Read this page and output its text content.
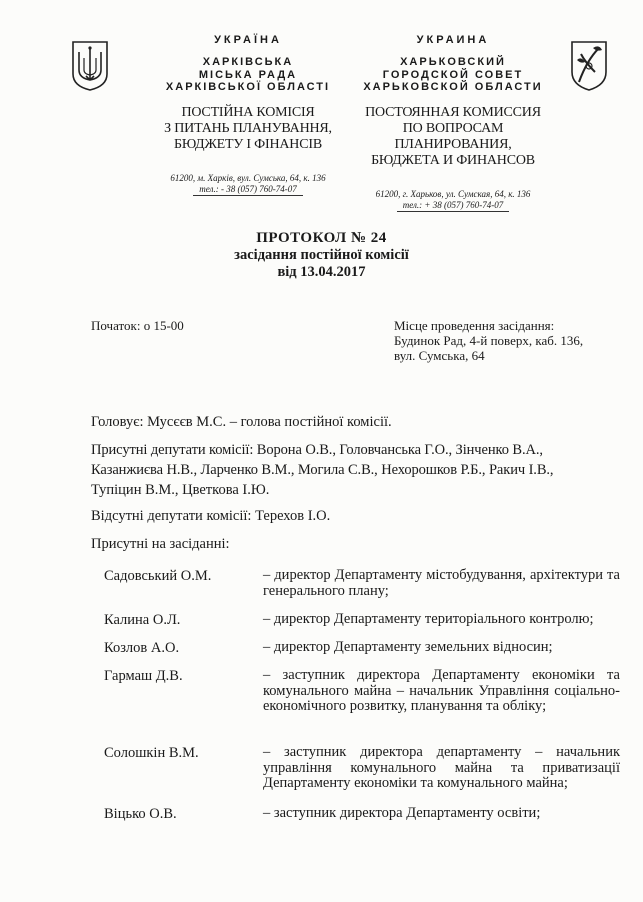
УКРАЇНА
ХАРКІВСЬКА
МІСЬКА РАДА
ХАРКІВСЬКОЇ ОБЛАСТІ
ПОСТІЙНА КОМІСІЯ
З ПИТАНЬ ПЛАНУВАННЯ,
БЮДЖЕТУ І ФІНАНСІВ
61200, м. Харків, вул. Сумська, 64, к. 136
тел.: - 38 (057) 760-74-07
УКРАИНА
ХАРЬКОВСКИЙ
ГОРОДСКОЙ СОВЕТ
ХАРЬКОВСКОЙ ОБЛАСТИ
ПОСТОЯННАЯ КОМИССИЯ
ПО ВОПРОСАМ ПЛАНИРОВАНИЯ,
БЮДЖЕТА И ФИНАНСОВ
61200, г. Харьков, ул. Сумская, 64, к. 136
тел.: + 38 (057) 760-74-07
ПРОТОКОЛ № 24
засідання постійної комісії
від 13.04.2017
Початок: о 15-00	Місце проведення засідання:
Будинок Рад, 4-й поверх, каб. 136,
вул. Сумська, 64
Головує: Мусєєв М.С. – голова постійної комісії.
Присутні депутати комісії: Ворона О.В., Головчанська Г.О., Зінченко В.А.,
Казанжиєва Н.В., Ларченко В.М., Могила С.В., Нехорошков Р.Б., Ракич І.В.,
Тупіцин В.М., Цветкова І.Ю.
Відсутні депутати комісії: Терехов І.О.
Присутні на засіданні:
Садовський О.М.	– директор Департаменту містобудування, архітектури та генерального плану;
Калина О.Л.	– директор Департаменту територіального контролю;
Козлов А.О.	– директор Департаменту земельних відносин;
Гармаш Д.В.	– заступник директора Департаменту економіки та комунального майна – начальник Управління соціально-економічного розвитку, планування та обліку;
Солошкін В.М.	– заступник директора департаменту – начальник управління комунального майна та приватизації Департаменту економіки та комунального майна;
Віцько О.В.	– заступник директора Департаменту освіти;
